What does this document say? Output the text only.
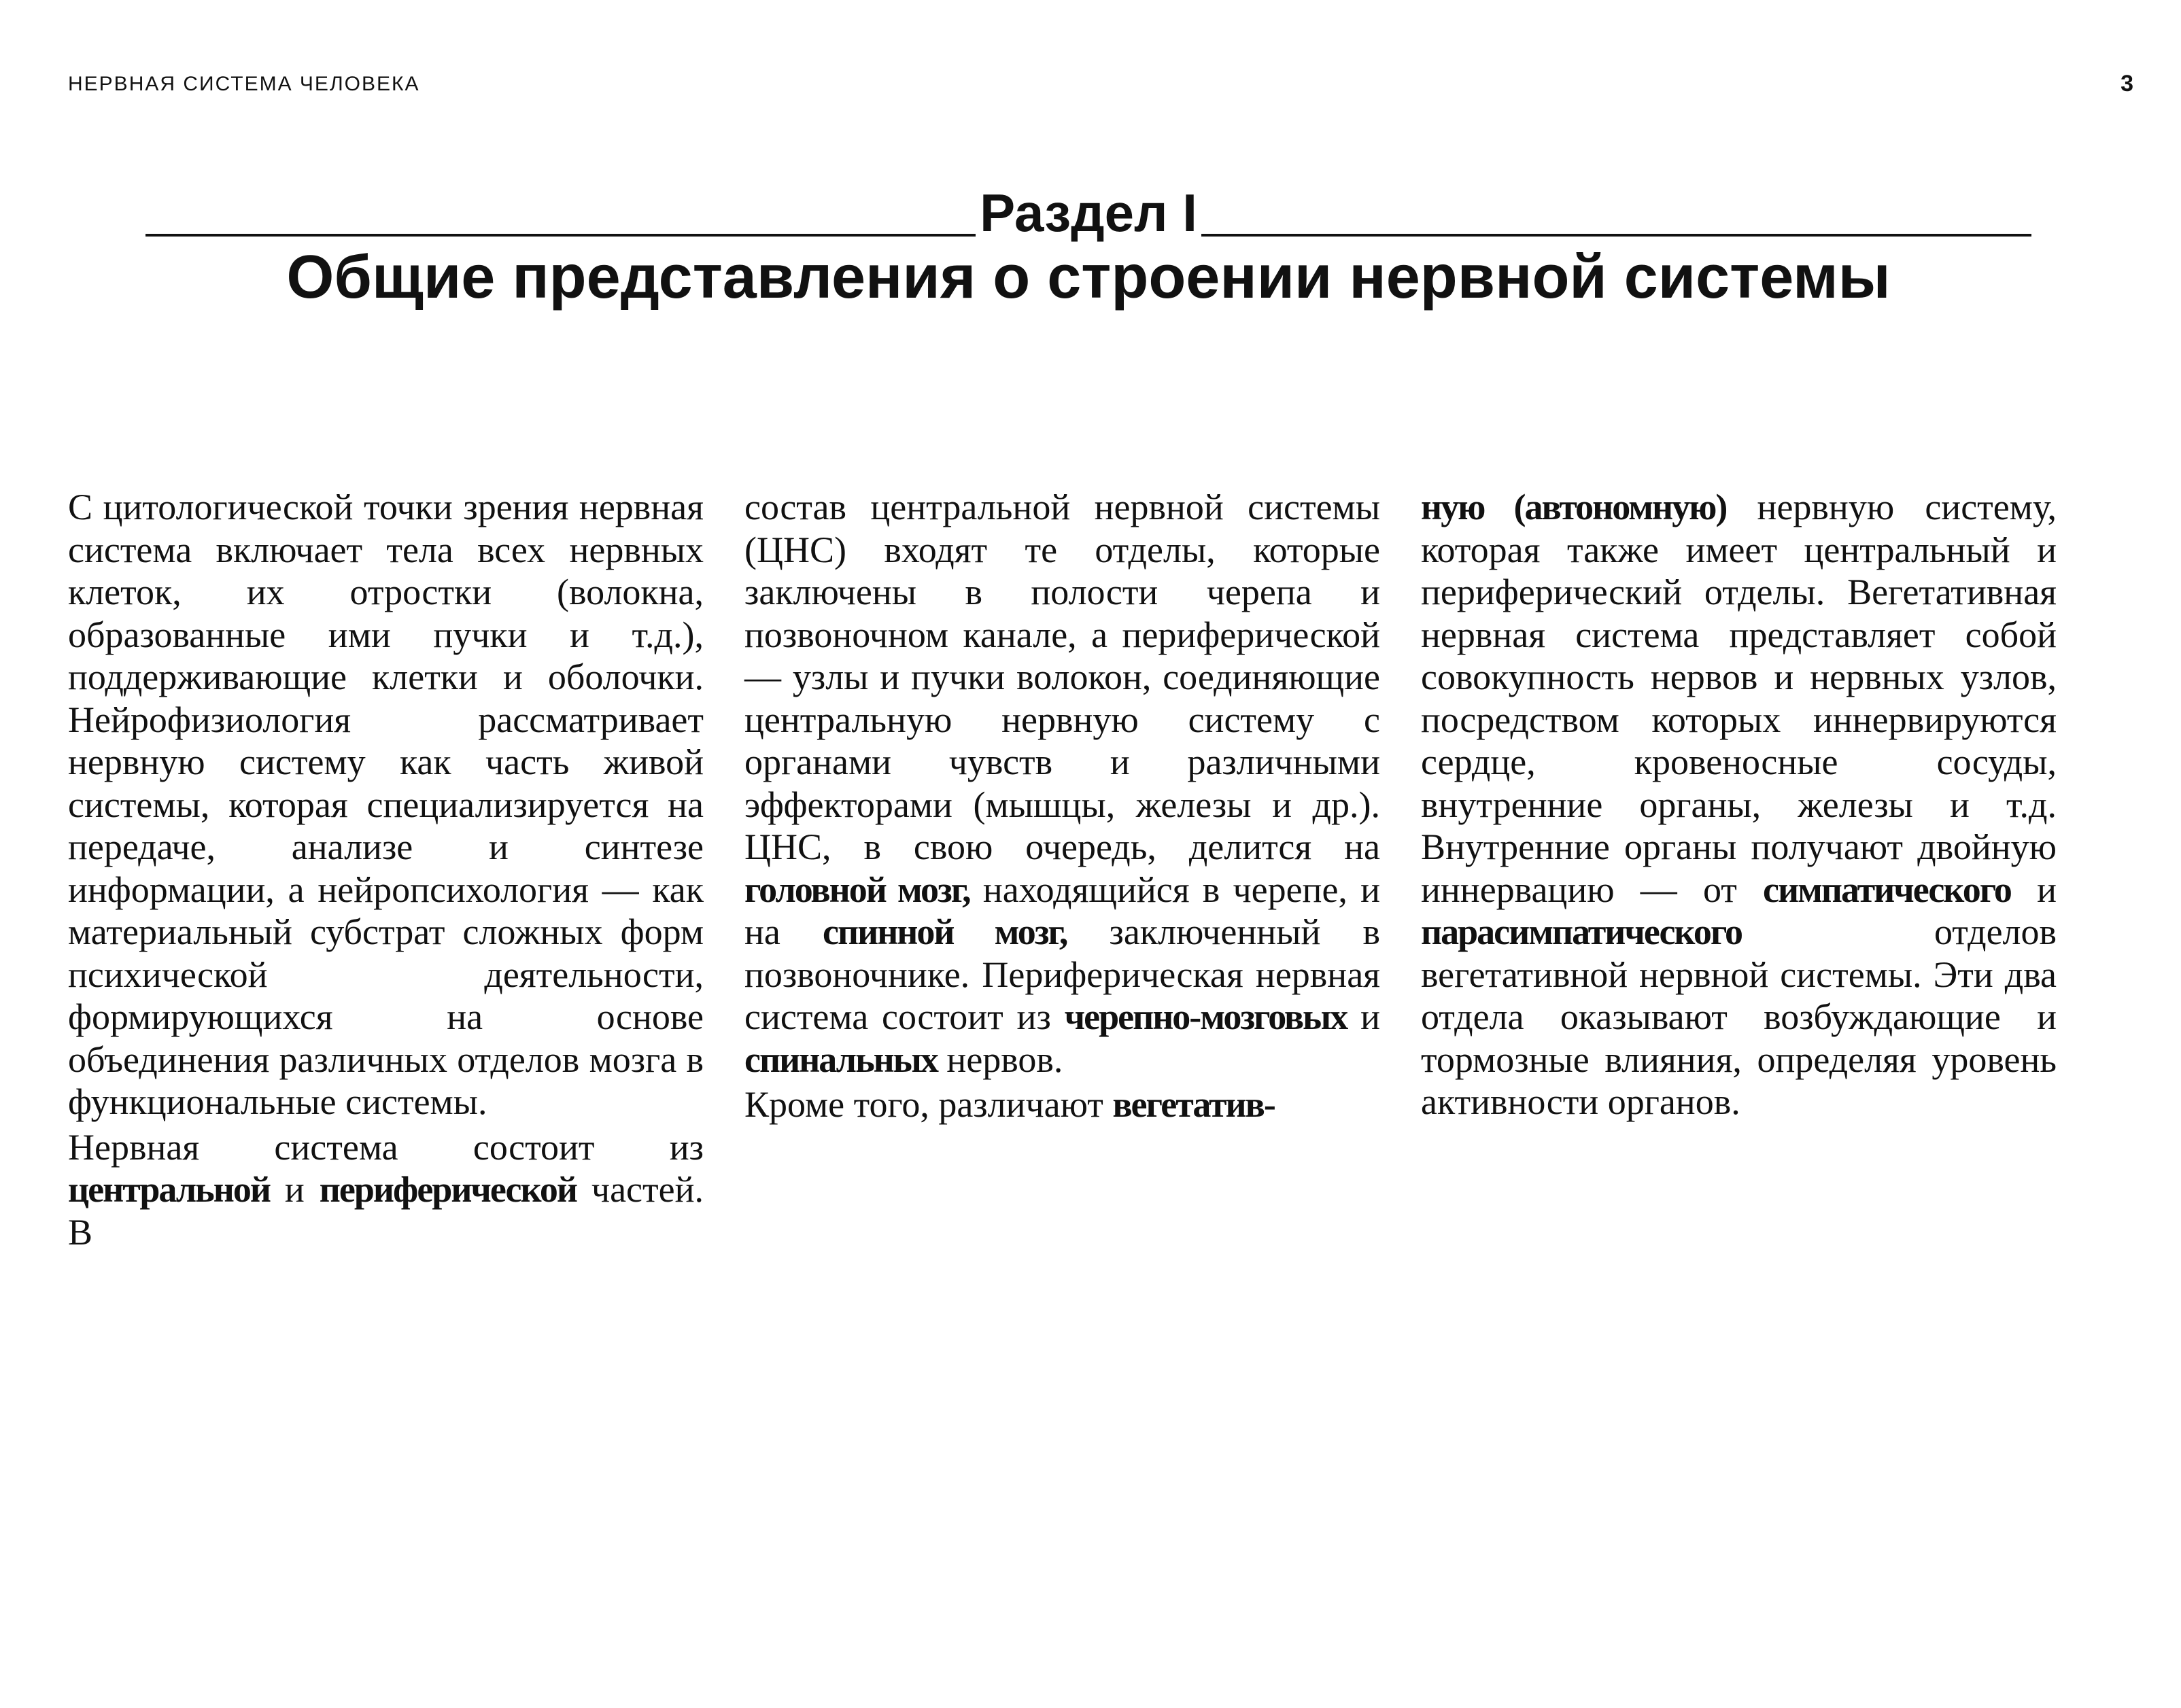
НЕРВНАЯ СИСТЕМА ЧЕЛОВЕКА	3
Раздел I
Общие представления о строении нервной системы

С цитологической точки зрения нервная система включает тела всех нервных клеток, их отростки (волокна, образованные ими пучки и т.д.), поддерживающие клетки и оболочки. Нейрофизиология рассматривает нервную систему как часть живой системы, которая специализируется на передаче, анализе и синтезе информации, а нейропсихология — как материальный субстрат сложных форм психической деятельности, формирующихся на основе объединения различных отделов мозга в функциональные системы.

Нервная система состоит из центральной и периферической частей. В

состав центральной нервной системы (ЦНС) входят те отделы, которые заключены в полости черепа и позвоночном канале, а периферической — узлы и пучки волокон, соединяющие центральную нервную систему с органами чувств и различными эффекторами (мышцы, железы и др.). ЦНС, в свою очередь, делится на головной мозг, находящийся в черепе, и на спинной мозг, заключенный в позвоночнике. Периферическая нервная система состоит из черепно-мозговых и спинальных нервов.

Кроме того, различают вегетатив-

ную (автономную) нервную систему, которая также имеет центральный и периферический отделы. Вегетативная нервная система представляет собой совокупность нервов и нервных узлов, посредством которых иннервируются сердце, кровеносные сосуды, внутренние органы, железы и т.д. Внутренние органы получают двойную иннервацию — от симпатического и парасимпатического отделов вегетативной нервной системы. Эти два отдела оказывают возбуждающие и тормозные влияния, определяя уровень активности органов.
